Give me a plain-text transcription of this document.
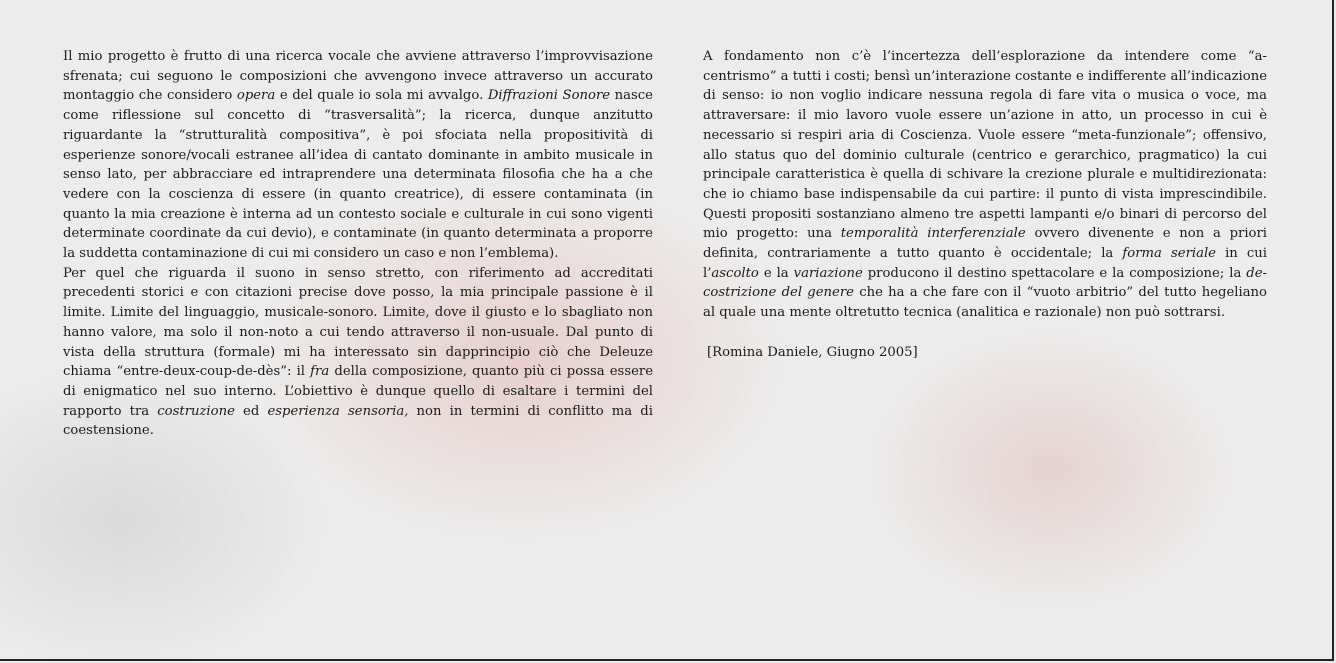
Il mio progetto è frutto di una ricerca vocale che avviene attraverso l’improvvisazione sfrenata; cui seguono le composizioni che avvengono invece attraverso un accurato montaggio che considero opera e del quale io sola mi avvalgo. Diffrazioni Sonore nasce come riflessione sul concetto di “trasversalità”; la ricerca, dunque anzitutto riguardante la “strutturalità compositiva”, è poi sfociata nella propositività di esperienze sonore/vocali estranee all’idea di cantato dominante in ambito musicale in senso lato, per abbracciare ed intraprendere una determinata filosofia che ha a che vedere con la coscienza di essere (in quanto creatrice), di essere contaminata (in quanto la mia creazione è interna ad un contesto sociale e culturale in cui sono vigenti determinate coordinate da cui devio), e contaminate (in quanto determinata a proporre la suddetta contaminazione di cui mi considero un caso e non l’emblema).

Per quel che riguarda il suono in senso stretto, con riferimento ad accreditati precedenti storici e con citazioni precise dove posso, la mia principale passione è il limite. Limite del linguaggio, musicale-sonoro. Limite, dove il giusto e lo sbagliato non hanno valore, ma solo il non-noto a cui tendo attraverso il non-usuale. Dal punto di vista della struttura (formale) mi ha interessato sin dapprincipio ciò che Deleuze chiama “entre-deux-coup-de-dès”: il fra della composizione, quanto più ci possa essere di enigmatico nel suo interno. L’obiettivo è dunque quello di esaltare i termini del rapporto tra costruzione ed esperienza sensoria, non in termini di conflitto ma di coestensione.

A fondamento non c’è l’incertezza dell’esplorazione da intendere come “a-centrismo” a tutti i costi; bensì un’interazione costante e indifferente all’indicazione di senso: io non voglio indicare nessuna regola di fare vita o musica o voce, ma attraversare: il mio lavoro vuole essere un’azione in atto, un processo in cui è necessario si respiri aria di Coscienza. Vuole essere “meta-funzionale”; offensivo, allo status quo del dominio culturale (centrico e gerarchico, pragmatico) la cui principale caratteristica è quella di schivare la crezione plurale e multidirezionata: che io chiamo base indispensabile da cui partire: il punto di vista imprescindibile. Questi propositi sostanziano almeno tre aspetti lampanti e/o binari di percorso del mio progetto: una temporalità interferenziale ovvero divenente e non a priori definita, contrariamente a tutto quanto è occidentale; la forma seriale in cui l’ascolto e la variazione producono il destino spettacolare e la composizione; la de-costrizione del genere che ha a che fare con il “vuoto arbitrio” del tutto hegeliano al quale una mente oltretutto tecnica (analitica e razionale) non può sottrarsi.

[Romina Daniele, Giugno 2005]
